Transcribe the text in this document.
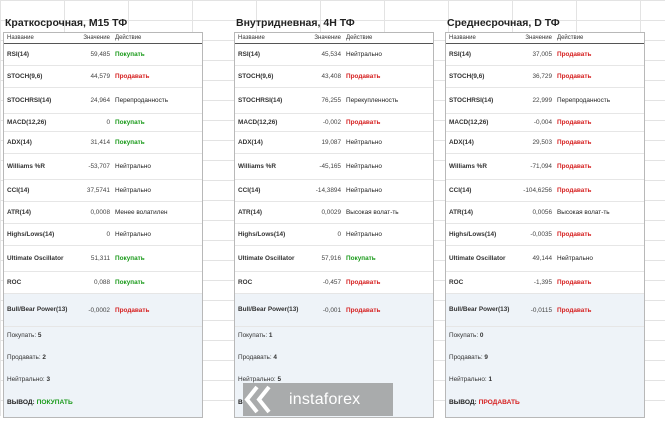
Краткосрочная, M15 ТФ
Название	Значение Действие
RSI(14)	59,485 Покупать
STOCH(9,6)	44,579 Продавать
STOCHRSI(14)	24,964 Перепроданность
MACD(12,26)	0 Покупать
ADX(14)	31,414 Покупать
Williams %R	-53,707 Нейтрально
CCI(14)	37,5741 Нейтрально
ATR(14)	0,0008 Менее волатилен
Highs/Lows(14)	0 Нейтрально
Ultimate Oscillator	51,311 Покупать
ROC	0,088 Покупать
Bull/Bear Power(13)	-0,0002 Продавать
Покупать: 5
Продавать: 2
Нейтрально: 3
ВЫВОД: ПОКУПАТЬ
Внутридневная, 4Н ТФ
Название	Значение Действие
RSI(14)	45,534 Нейтрально
STOCH(9,6)	43,408 Продавать
STOCHRSI(14)	76,255 Перекупленность
MACD(12,26)	-0,002 Продавать
ADX(14)	19,087 Нейтрально
Williams %R	-45,165 Нейтрально
CCI(14)	-14,3894 Нейтрально
ATR(14)	0,0029 Высокая волат-ть
Highs/Lows(14)	0 Нейтрально
Ultimate Oscillator	57,916 Покупать
ROC	-0,457 Продавать
Bull/Bear Power(13)	-0,001 Продавать
Покупать: 1
Продавать: 4
Нейтрально: 5
В
Среднесрочная, D ТФ
Название	Значение Действие
RSI(14)	37,005 Продавать
STOCH(9,6)	36,729 Продавать
STOCHRSI(14)	22,999 Перепроданность
MACD(12,26)	-0,004 Продавать
ADX(14)	29,503 Продавать
Williams %R	-71,094 Продавать
CCI(14)	-104,6256 Продавать
ATR(14)	0,0056 Высокая волат-ть
Highs/Lows(14)	-0,0035 Продавать
Ultimate Oscillator	49,144 Нейтрально
ROC	-1,395 Продавать
Bull/Bear Power(13)	-0,0115 Продавать
Покупать: 0
Продавать: 9
Нейтрально: 1
ВЫВОД: ПРОДАВАТЬ
instaforex
